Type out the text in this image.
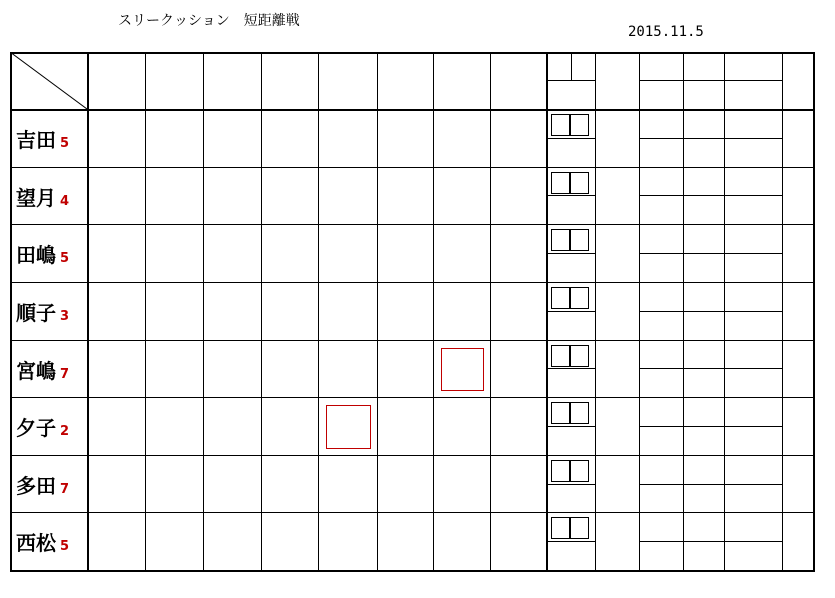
スリークッション　短距離戦
2015.11.5
吉田 5
望月 4
田嶋 5
順子 3
宮嶋 7
夕子 2
多田 7
西松 5
